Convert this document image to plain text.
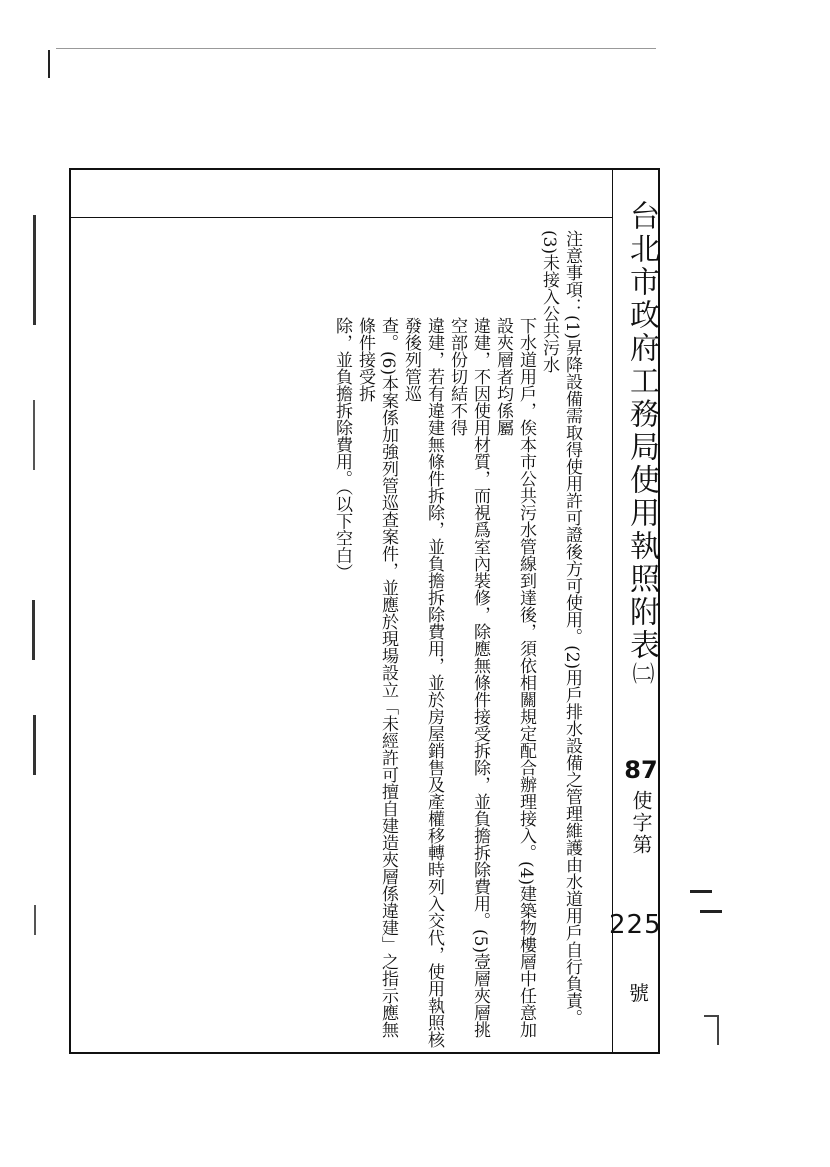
台北市政府工務局使用執照附表㈡
87
使字第
225
號

注意事項：(1)昇降設備需取得使用許可證後方可使用。(2)用戶排水設備之管理維護由水道用戶自行負責。(3)未接入公共污水

下水道用戶，俟本市公共污水管線到達後，須依相關規定配合辦理接入。(4)建築物樓層中任意加設夾層者均係屬

違建，不因使用材質，而視爲室內裝修，除應無條件接受拆除，並負擔拆除費用。(5)壹層夾層挑空部份切結不得

違建，若有違建無條件拆除，並負擔拆除費用，並於房屋銷售及產權移轉時列入交代，使用執照核發後列管巡

查。(6)本案係加強列管巡查案件，並應於現場設立「未經許可擅自建造夾層係違建」之指示應無條件接受拆

除，並負擔拆除費用。（以下空白）
